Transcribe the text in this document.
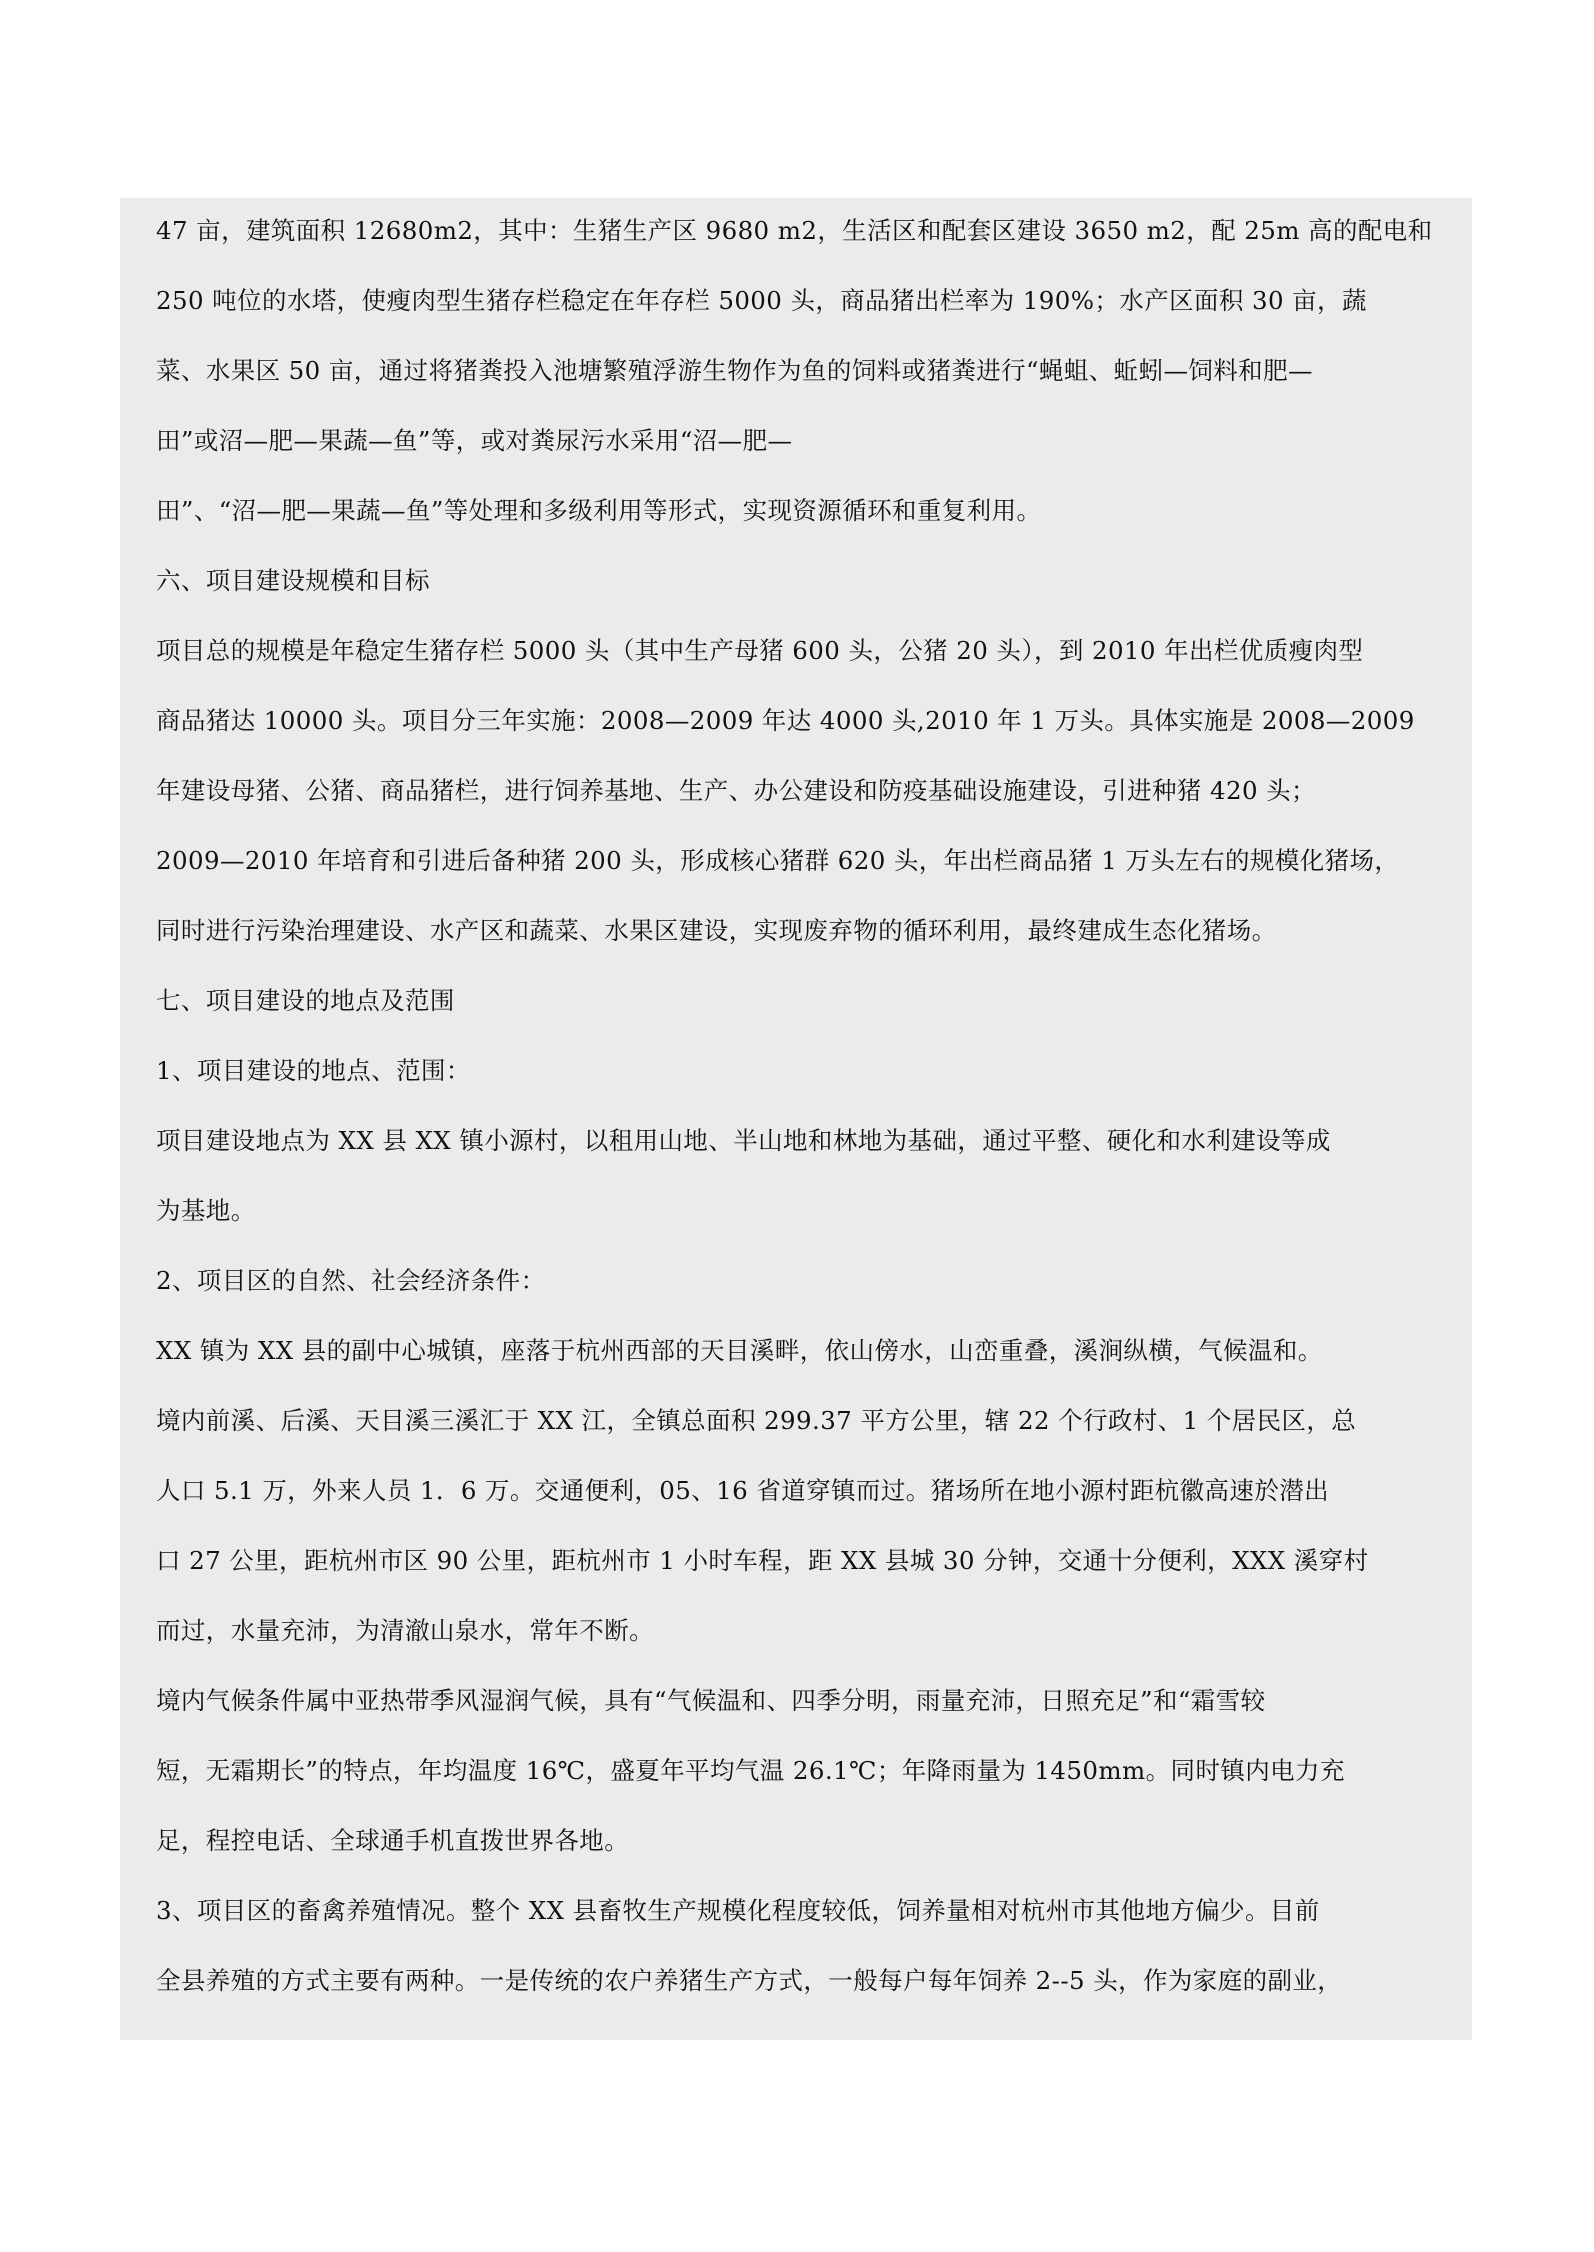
47 亩，建筑面积 12680m2，其中：生猪生产区 9680 m2，生活区和配套区建设 3650 m2，配 25m 高的配电和
250 吨位的水塔，使瘦肉型生猪存栏稳定在年存栏 5000 头，商品猪出栏率为 190%；水产区面积 30 亩，蔬
菜、水果区 50 亩，通过将猪粪投入池塘繁殖浮游生物作为鱼的饲料或猪粪进行“蝇蛆、蚯蚓—饲料和肥—
田”或沼—肥—果蔬—鱼”等，或对粪尿污水采用“沼—肥—
田”、“沼—肥—果蔬—鱼”等处理和多级利用等形式，实现资源循环和重复利用。
六、项目建设规模和目标
项目总的规模是年稳定生猪存栏 5000 头（其中生产母猪 600 头，公猪 20 头），到 2010 年出栏优质瘦肉型
商品猪达 10000 头。项目分三年实施：2008—2009 年达 4000 头,2010 年 1 万头。具体实施是 2008—2009
年建设母猪、公猪、商品猪栏，进行饲养基地、生产、办公建设和防疫基础设施建设，引进种猪 420 头；
2009—2010 年培育和引进后备种猪 200 头，形成核心猪群 620 头，年出栏商品猪 1 万头左右的规模化猪场，
同时进行污染治理建设、水产区和蔬菜、水果区建设，实现废弃物的循环利用，最终建成生态化猪场。
七、项目建设的地点及范围
1、项目建设的地点、范围：
项目建设地点为 XX 县 XX 镇小源村，以租用山地、半山地和林地为基础，通过平整、硬化和水利建设等成
为基地。
2、项目区的自然、社会经济条件：
XX 镇为 XX 县的副中心城镇，座落于杭州西部的天目溪畔，依山傍水，山峦重叠，溪涧纵横，气候温和。
境内前溪、后溪、天目溪三溪汇于 XX 江，全镇总面积 299.37 平方公里，辖 22 个行政村、1 个居民区，总
人口 5.1 万，外来人员 1．6 万。交通便利，05、16 省道穿镇而过。猪场所在地小源村距杭徽高速於潜出
口 27 公里，距杭州市区 90 公里，距杭州市 1 小时车程，距 XX 县城 30 分钟，交通十分便利，XXX 溪穿村
而过，水量充沛，为清澈山泉水，常年不断。
境内气候条件属中亚热带季风湿润气候，具有“气候温和、四季分明，雨量充沛，日照充足”和“霜雪较
短，无霜期长”的特点，年均温度 16℃，盛夏年平均气温 26.1℃；年降雨量为 1450mm。同时镇内电力充
足，程控电话、全球通手机直拨世界各地。
3、项目区的畜禽养殖情况。整个 XX 县畜牧生产规模化程度较低，饲养量相对杭州市其他地方偏少。目前
全县养殖的方式主要有两种。一是传统的农户养猪生产方式，一般每户每年饲养 2--5 头，作为家庭的副业，
